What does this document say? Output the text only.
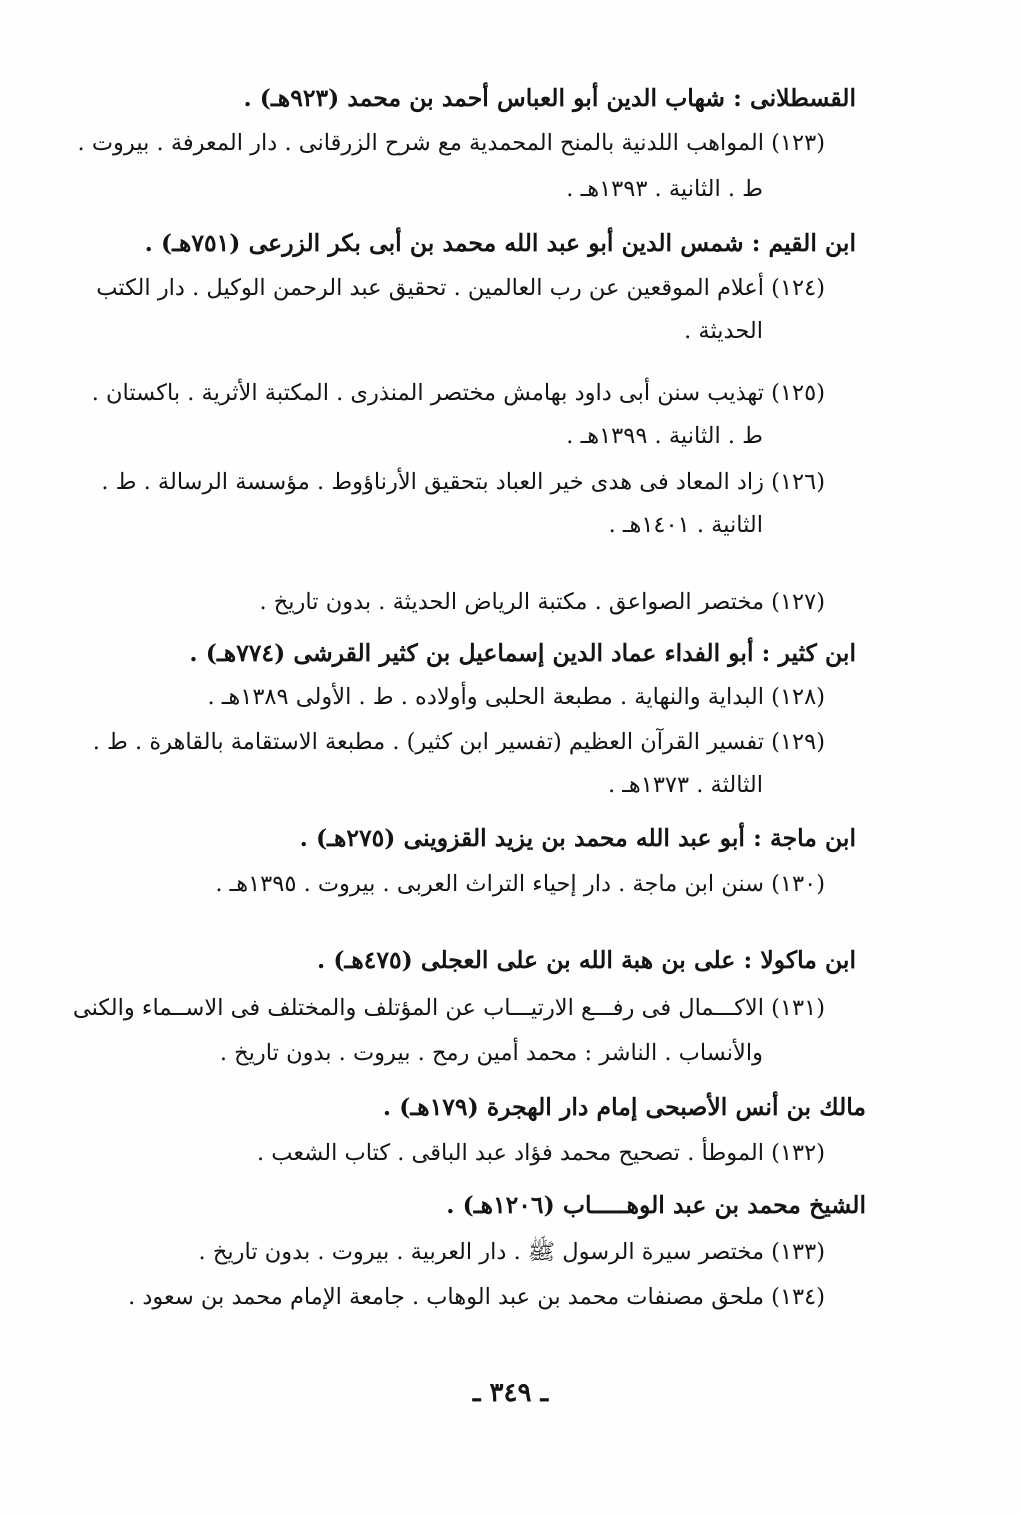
القسطلانى : شهاب الدين أبو العباس أحمد بن محمد (٩٢٣هـ) .
(١٢٣) المواهب اللدنية بالمنح المحمدية مع شرح الزرقانى . دار المعرفة . بيروت .
ط . الثانية . ١٣٩٣هـ .
ابن القيم : شمس الدين أبو عبد الله محمد بن أبى بكر الزرعى (٧٥١هـ) .
(١٢٤) أعلام الموقعين عن رب العالمين . تحقيق عبد الرحمن الوكيل . دار الكتب
الحديثة .
(١٢٥) تهذيب سنن أبى داود بهامش مختصر المنذرى . المكتبة الأثرية . باكستان .
ط . الثانية . ١٣٩٩هـ .
(١٢٦) زاد المعاد فى هدى خير العباد بتحقيق الأرناؤوط . مؤسسة الرسالة . ط .
الثانية . ١٤٠١هـ .
(١٢٧) مختصر الصواعق . مكتبة الرياض الحديثة . بدون تاريخ .
ابن كثير : أبو الفداء عماد الدين إسماعيل بن كثير القرشى (٧٧٤هـ) .
(١٢٨) البداية والنهاية . مطبعة الحلبى وأولاده . ط . الأولى ١٣٨٩هـ .
(١٢٩) تفسير القرآن العظيم (تفسير ابن كثير) . مطبعة الاستقامة بالقاهرة . ط .
الثالثة . ١٣٧٣هـ .
ابن ماجة : أبو عبد الله محمد بن يزيد القزوينى (٢٧٥هـ) .
(١٣٠) سنن ابن ماجة . دار إحياء التراث العربى . بيروت . ١٣٩٥هـ .
ابن ماكولا : على بن هبة الله بن على العجلى (٤٧٥هـ) .
(١٣١) الاكـــمال فى رفـــع الارتيـــاب عن المؤتلف والمختلف فى الاســماء والكنى
والأنساب . الناشر : محمد أمين رمح . بيروت . بدون تاريخ .
مالك بن أنس الأصبحى إمام دار الهجرة (١٧٩هـ) .
(١٣٢) الموطأ . تصحيح محمد فؤاد عبد الباقى . كتاب الشعب .
الشيخ محمد بن عبد الوهـــــاب (١٢٠٦هـ) .
(١٣٣) مختصر سيرة الرسول ﷺ . دار العربية . بيروت . بدون تاريخ .
(١٣٤) ملحق مصنفات محمد بن عبد الوهاب . جامعة الإمام محمد بن سعود .
ـ ٣٤٩ ـ
